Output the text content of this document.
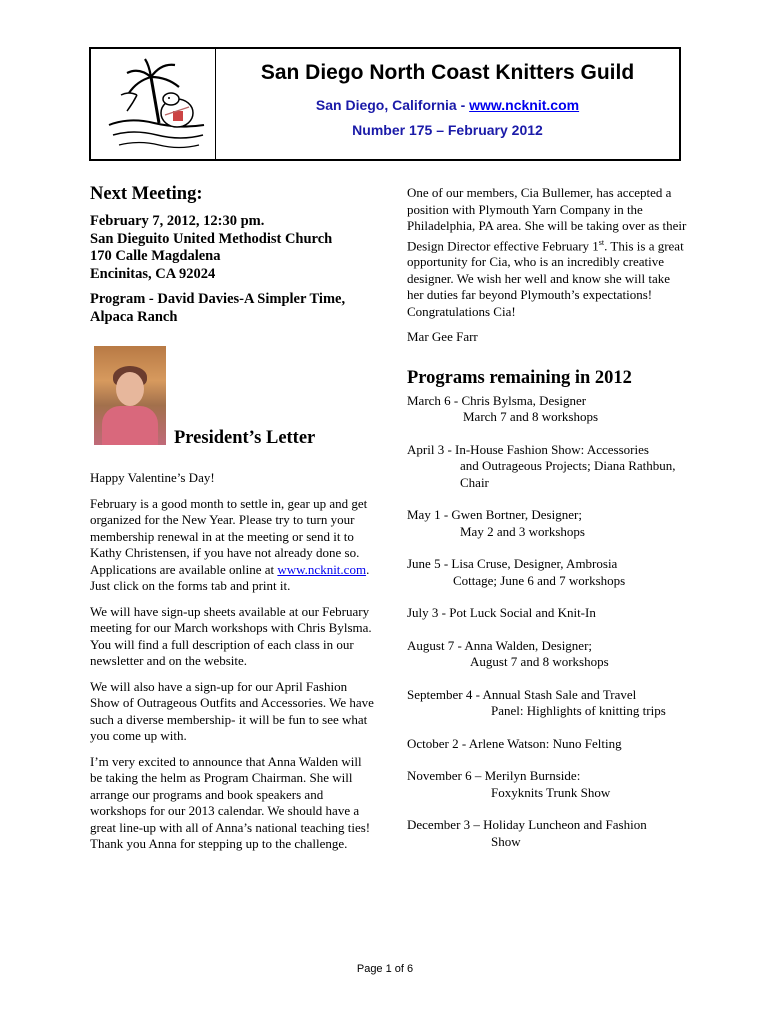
San Diego North Coast Knitters Guild
San Diego, California - www.ncknit.com
Number 175 – February 2012
Next Meeting:

February 7, 2012, 12:30 pm.
San Dieguito United Methodist Church
170 Calle Magdalena
Encinitas, CA 92024

Program - David Davies-A Simpler Time, Alpaca Ranch

President’s Letter

Happy Valentine’s Day!

February is a good month to settle in, gear up and get organized for the New Year. Please try to turn your membership renewal in at the meeting or send it to Kathy Christensen, if you have not already done so. Applications are available online at www.ncknit.com. Just click on the forms tab and print it.

We will have sign-up sheets available at our February meeting for our March workshops with Chris Bylsma. You will find a full description of each class in our newsletter and on the website.

We will also have a sign-up for our April Fashion Show of Outrageous Outfits and Accessories. We have such a diverse membership- it will be fun to see what you come up with.

I’m very excited to announce that Anna Walden will be taking the helm as Program Chairman. She will arrange our programs and book speakers and workshops for our 2013 calendar. We should have a great line-up with all of Anna’s national teaching ties!
Thank you Anna for stepping up to the challenge.

One of our members, Cia Bullemer, has accepted a position with Plymouth Yarn Company in the Philadelphia, PA area. She will be taking over as their Design Director effective February 1st. This is a great opportunity for Cia, who is an incredibly creative designer. We wish her well and know she will take her duties far beyond Plymouth’s expectations! Congratulations Cia!

Mar Gee Farr

Programs remaining in 2012
March 6 - Chris Bylsma, Designer
March 7 and 8 workshops
April 3 - In-House Fashion Show: Accessories
and Outrageous Projects; Diana Rathbun, Chair
May 1 - Gwen Bortner, Designer;
May 2 and 3 workshops
June 5 - Lisa Cruse, Designer, Ambrosia
Cottage; June 6 and 7 workshops
July 3 - Pot Luck Social and Knit-In
August 7 - Anna Walden, Designer;
August 7 and 8 workshops
September 4 - Annual Stash Sale and Travel
Panel: Highlights of knitting trips
October 2 - Arlene Watson: Nuno Felting
November 6 – Merilyn Burnside:
Foxyknits Trunk Show
December 3 – Holiday Luncheon and Fashion
Show
Page 1 of 6
